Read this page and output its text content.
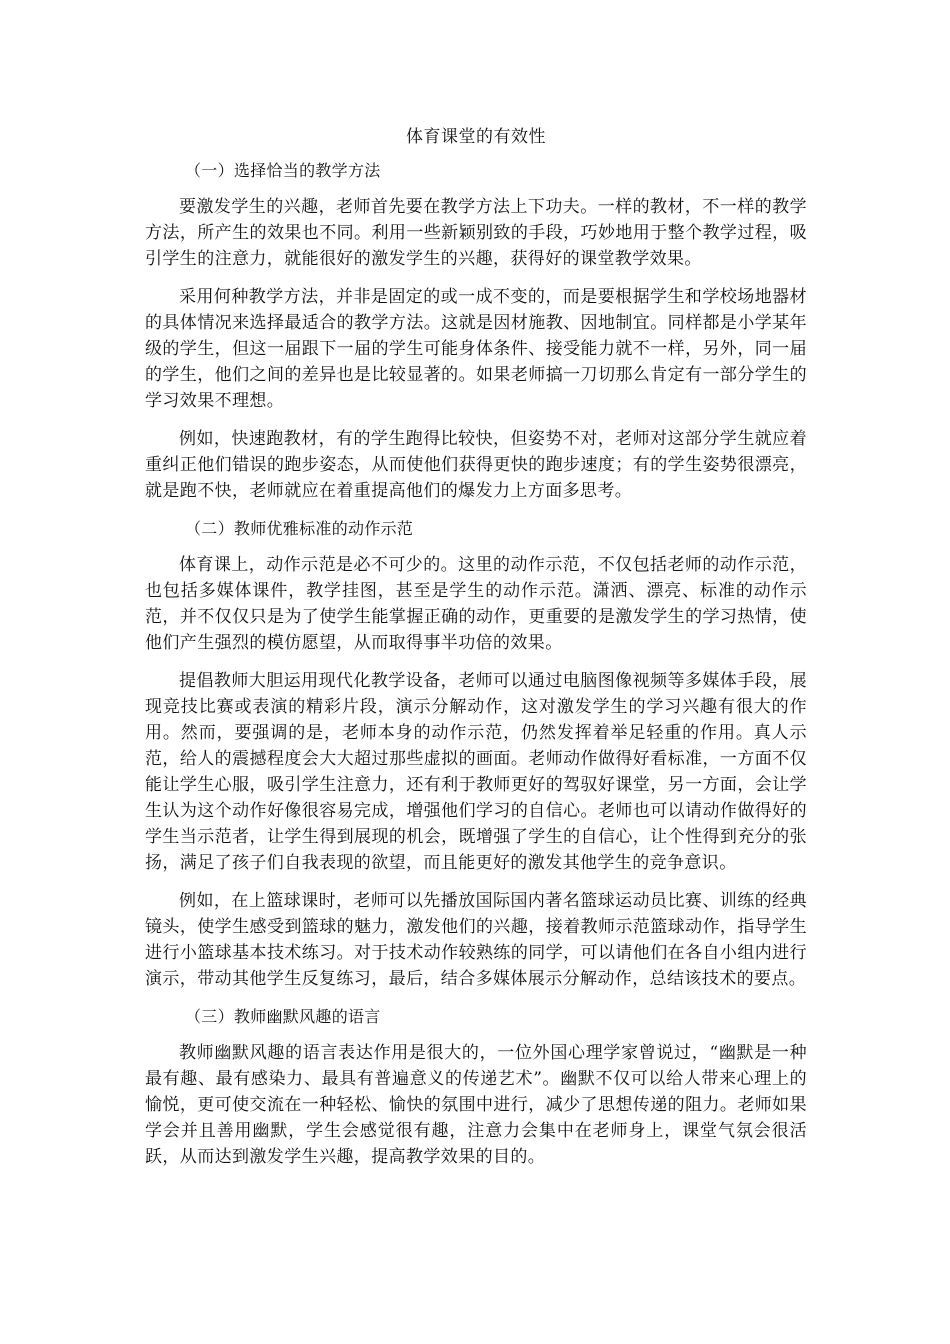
体育课堂的有效性
（一）选择恰当的教学方法

要激发学生的兴趣，老师首先要在教学方法上下功夫。一样的教材，不一样的教学方法，所产生的效果也不同。利用一些新颖别致的手段，巧妙地用于整个教学过程，吸引学生的注意力，就能很好的激发学生的兴趣，获得好的课堂教学效果。

采用何种教学方法，并非是固定的或一成不变的，而是要根据学生和学校场地器材的具体情况来选择最适合的教学方法。这就是因材施教、因地制宜。同样都是小学某年级的学生，但这一届跟下一届的学生可能身体条件、接受能力就不一样，另外，同一届的学生，他们之间的差异也是比较显著的。如果老师搞一刀切那么肯定有一部分学生的学习效果不理想。

例如，快速跑教材，有的学生跑得比较快，但姿势不对，老师对这部分学生就应着重纠正他们错误的跑步姿态，从而使他们获得更快的跑步速度；有的学生姿势很漂亮，就是跑不快，老师就应在着重提高他们的爆发力上方面多思考。

（二）教师优雅标准的动作示范

体育课上，动作示范是必不可少的。这里的动作示范，不仅包括老师的动作示范，也包括多媒体课件，教学挂图，甚至是学生的动作示范。潇洒、漂亮、标准的动作示范，并不仅仅只是为了使学生能掌握正确的动作，更重要的是激发学生的学习热情，使他们产生强烈的模仿愿望，从而取得事半功倍的效果。

提倡教师大胆运用现代化教学设备，老师可以通过电脑图像视频等多媒体手段，展现竞技比赛或表演的精彩片段，演示分解动作，这对激发学生的学习兴趣有很大的作用。然而，要强调的是，老师本身的动作示范，仍然发挥着举足轻重的作用。真人示范，给人的震撼程度会大大超过那些虚拟的画面。老师动作做得好看标准，一方面不仅能让学生心服，吸引学生注意力，还有利于教师更好的驾驭好课堂，另一方面，会让学生认为这个动作好像很容易完成，增强他们学习的自信心。老师也可以请动作做得好的学生当示范者，让学生得到展现的机会，既增强了学生的自信心，让个性得到充分的张扬，满足了孩子们自我表现的欲望，而且能更好的激发其他学生的竞争意识。

例如，在上篮球课时，老师可以先播放国际国内著名篮球运动员比赛、训练的经典镜头，使学生感受到篮球的魅力，激发他们的兴趣，接着教师示范篮球动作，指导学生进行小篮球基本技术练习。对于技术动作较熟练的同学，可以请他们在各自小组内进行演示，带动其他学生反复练习，最后，结合多媒体展示分解动作，总结该技术的要点。

（三）教师幽默风趣的语言

教师幽默风趣的语言表达作用是很大的，一位外国心理学家曾说过，“幽默是一种最有趣、最有感染力、最具有普遍意义的传递艺术”。幽默不仅可以给人带来心理上的愉悦，更可使交流在一种轻松、愉快的氛围中进行，减少了思想传递的阻力。老师如果学会并且善用幽默，学生会感觉很有趣，注意力会集中在老师身上，课堂气氛会很活跃，从而达到激发学生兴趣，提高教学效果的目的。
